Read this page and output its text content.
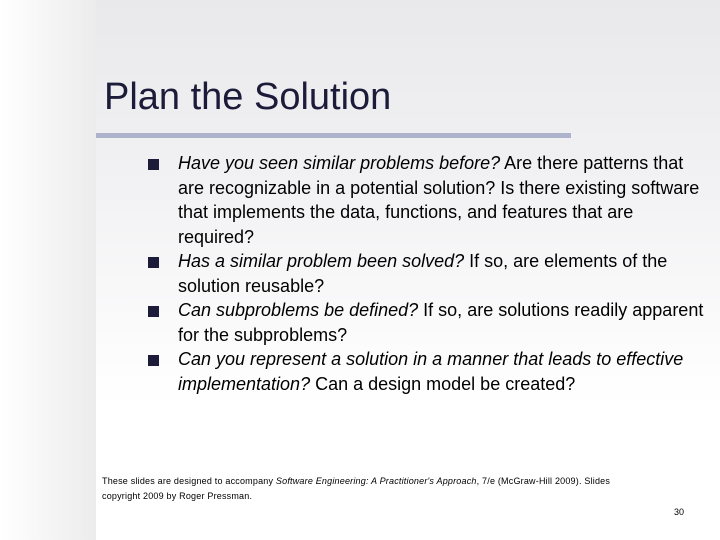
Plan the Solution
Have you seen similar problems before? Are there patterns that are recognizable in a potential solution? Is there existing software that implements the data, functions, and features that are required?
Has a similar problem been solved? If so, are elements of the solution reusable?
Can subproblems be defined? If so, are solutions readily apparent for the subproblems?
Can you represent a solution in a manner that leads to effective implementation? Can a design model be created?
These slides are designed to accompany Software Engineering: A Practitioner's Approach, 7/e (McGraw-Hill 2009). Slides copyright 2009 by Roger Pressman.
30
